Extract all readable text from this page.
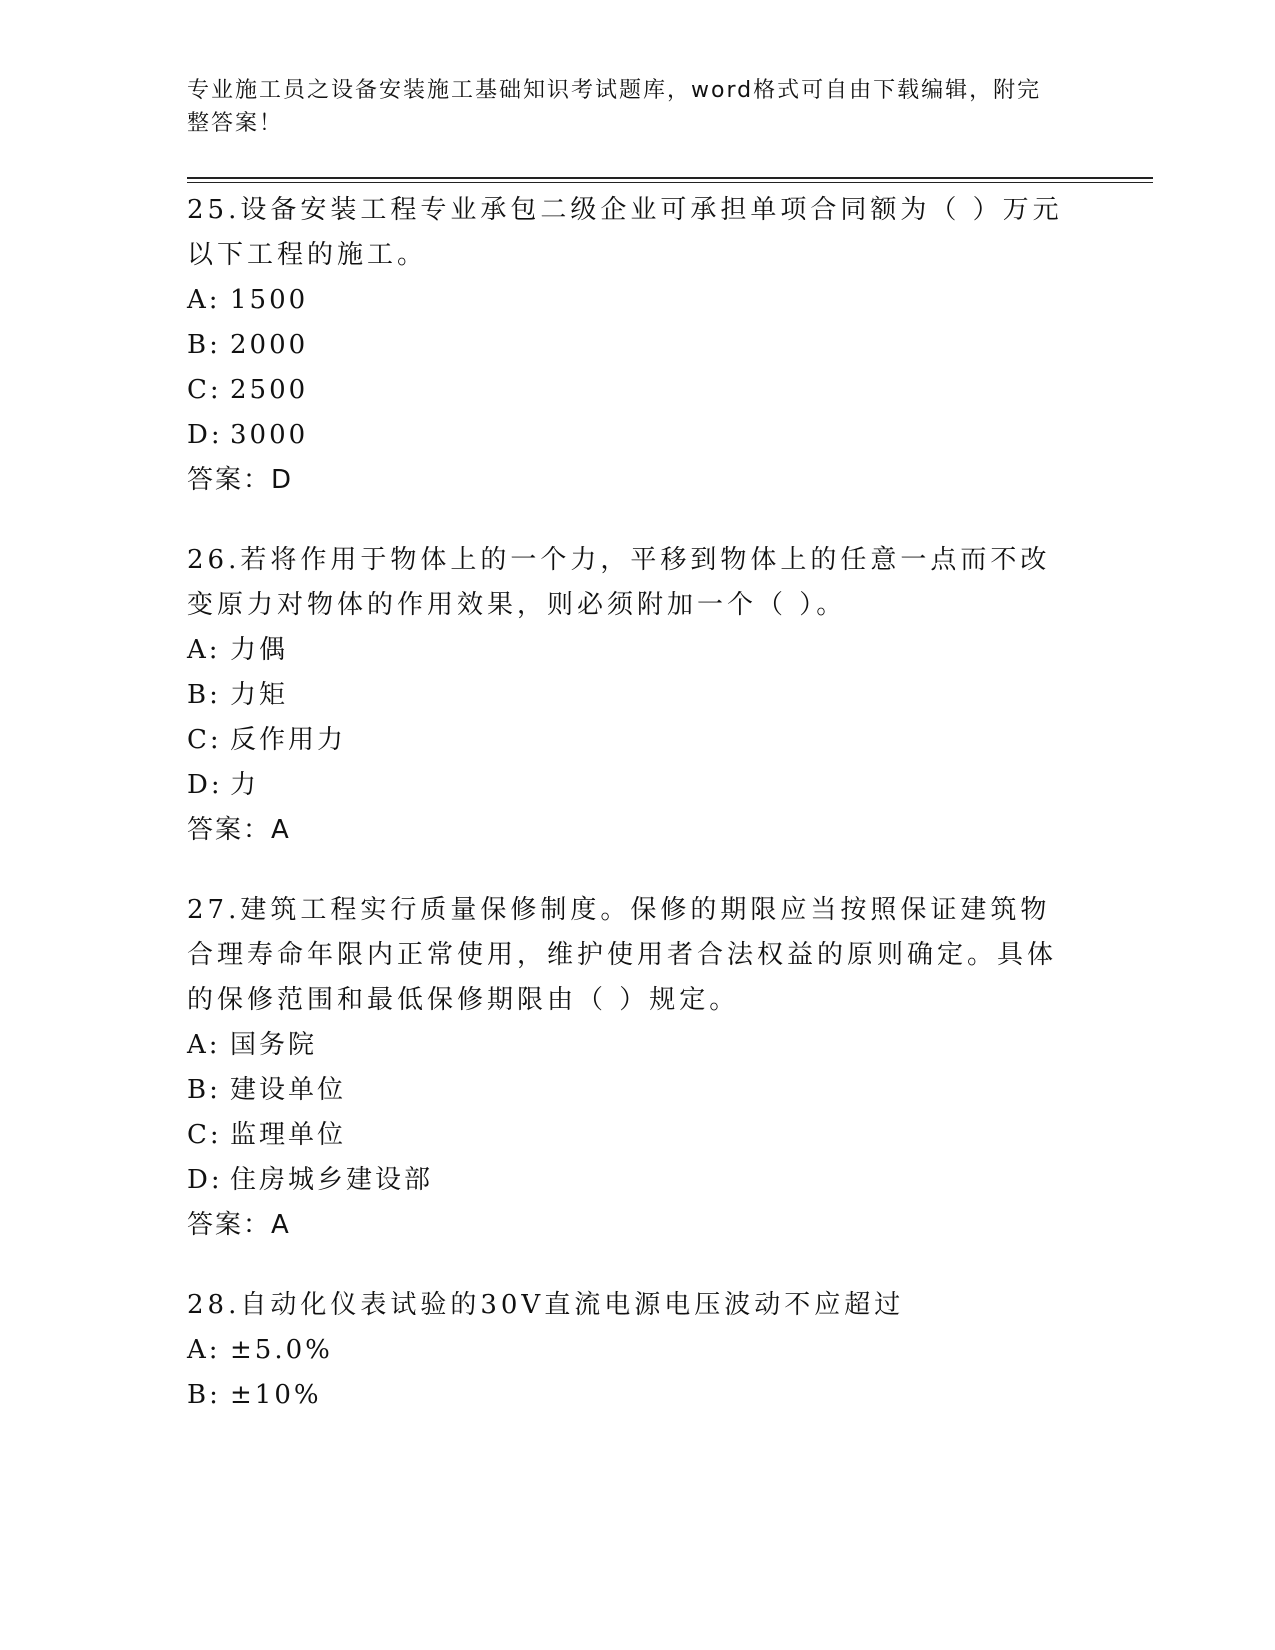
专业施工员之设备安装施工基础知识考试题库，word格式可自由下载编辑，附完
整答案！

25.设备安装工程专业承包二级企业可承担单项合同额为（ ）万元以下工程的施工。

A: 1500

B: 2000

C: 2500

D: 3000

答案：D

26.若将作用于物体上的一个力，平移到物体上的任意一点而不改变原力对物体的作用效果，则必须附加一个（ ）。

A: 力偶

B: 力矩

C: 反作用力

D: 力

答案：A

27.建筑工程实行质量保修制度。保修的期限应当按照保证建筑物合理寿命年限内正常使用，维护使用者合法权益的原则确定。具体的保修范围和最低保修期限由（ ）规定。

A: 国务院

B: 建设单位

C: 监理单位

D: 住房城乡建设部

答案：A

28.自动化仪表试验的30V直流电源电压波动不应超过

A: ±5.0%

B: ±10%
